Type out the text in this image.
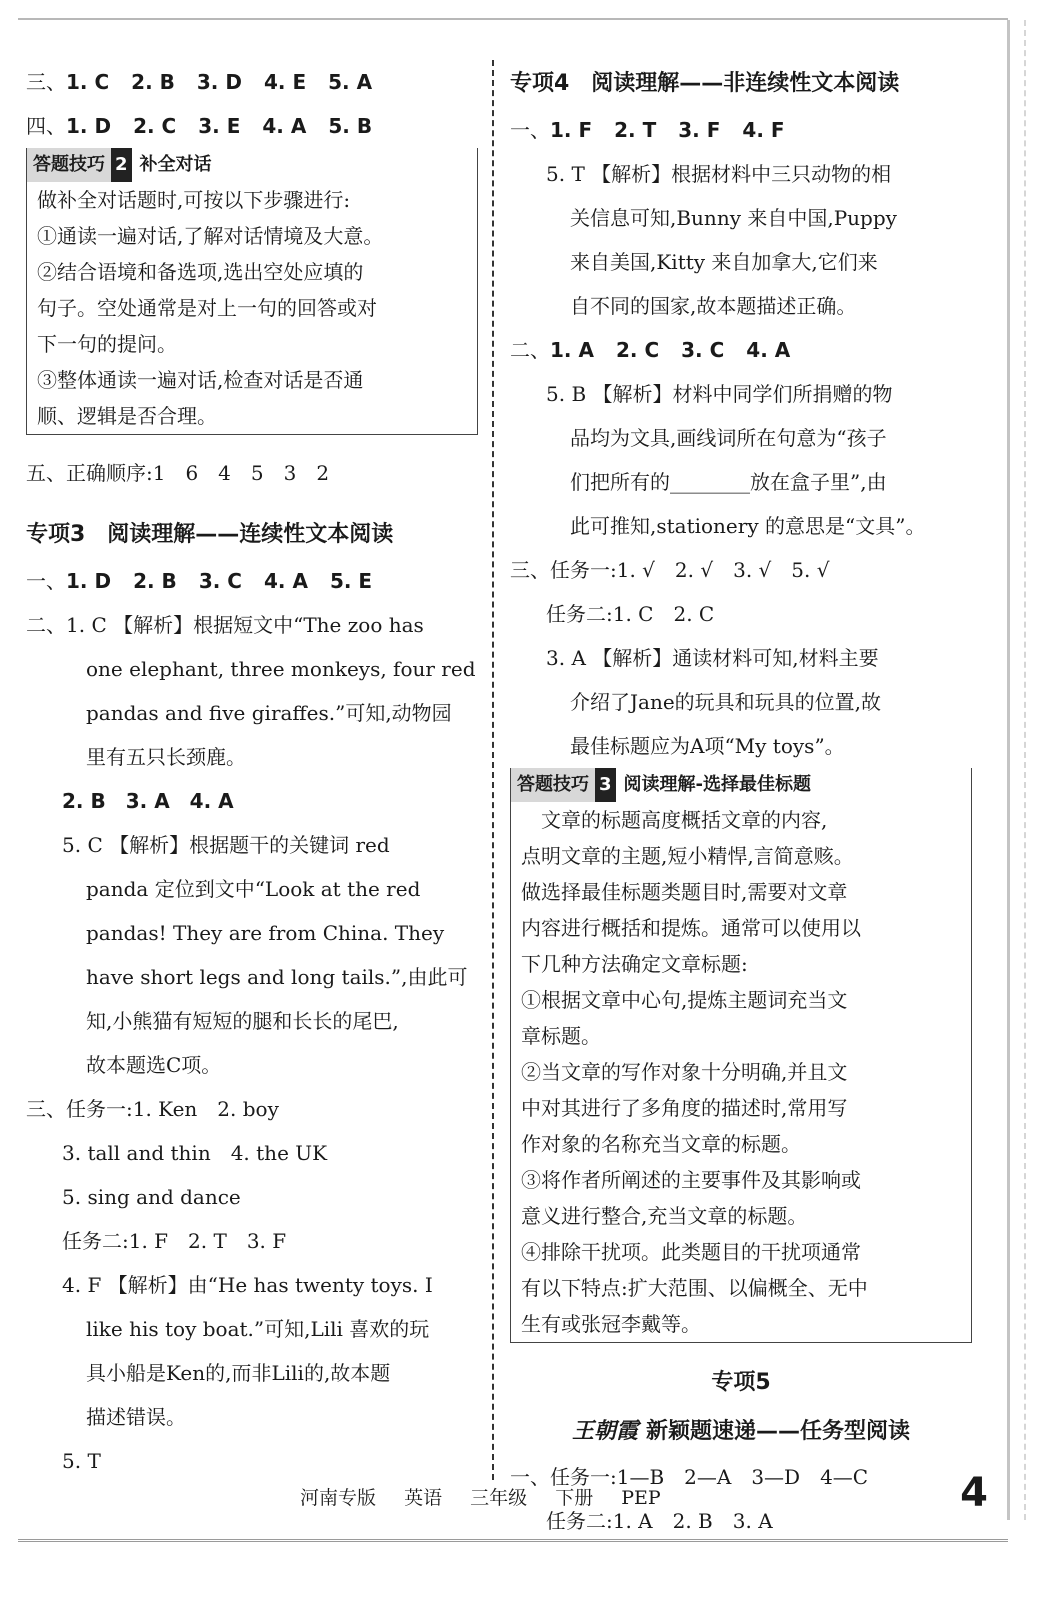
三、1. C 2. B 3. D 4. E 5. A
四、1. D 2. C 3. E 4. A 5. B
答题技巧 2 补全对话
做补全对话题时,可按以下步骤进行:
①通读一遍对话,了解对话情境及大意。
②结合语境和备选项,选出空处应填的
句子。空处通常是对上一句的回答或对
下一句的提问。
③整体通读一遍对话,检查对话是否通
顺、逻辑是否合理。
五、正确顺序:1　6　4　5　3　2
专项3　阅读理解——连续性文本阅读
一、1. D 2. B 3. C 4. A 5. E
二、1. C 【解析】根据短文中“The zoo has
one elephant, three monkeys, four red
pandas and five giraffes.”可知,动物园
里有五只长颈鹿。
2. B　3. A　4. A
5. C 【解析】根据题干的关键词 red
panda 定位到文中“Look at the red
pandas! They are from China. They
have short legs and long tails.”,由此可
知,小熊猫有短短的腿和长长的尾巴,
故本题选C项。
三、任务一:1. Ken　2. boy
3. tall and thin　4. the UK
5. sing and dance
任务二:1. F　2. T　3. F
4. F 【解析】由“He has twenty toys. I
like his toy boat.”可知,Lili 喜欢的玩
具小船是Ken的,而非Lili的,故本题
描述错误。
5. T
专项4　阅读理解——非连续性文本阅读
一、1. F 2. T 3. F 4. F
5. T 【解析】根据材料中三只动物的相
关信息可知,Bunny 来自中国,Puppy
来自美国,Kitty 来自加拿大,它们来
自不同的国家,故本题描述正确。
二、1. A 2. C 3. C 4. A
5. B 【解析】材料中同学们所捐赠的物
品均为文具,画线词所在句意为“孩子
们把所有的________放在盒子里”,由
此可推知,stationery 的意思是“文具”。
三、任务一:1. √　2. √　3. √　5. √
任务二:1. C　2. C
3. A 【解析】通读材料可知,材料主要
介绍了Jane的玩具和玩具的位置,故
最佳标题应为A项“My toys”。
答题技巧 3 阅读理解-选择最佳标题
　文章的标题高度概括文章的内容,
点明文章的主题,短小精悍,言简意赅。
做选择最佳标题类题目时,需要对文章
内容进行概括和提炼。通常可以使用以
下几种方法确定文章标题:
①根据文章中心句,提炼主题词充当文
章标题。
②当文章的写作对象十分明确,并且文
中对其进行了多角度的描述时,常用写
作对象的名称充当文章的标题。
③将作者所阐述的主要事件及其影响或
意义进行整合,充当文章的标题。
④排除干扰项。此类题目的干扰项通常
有以下特点:扩大范围、以偏概全、无中
生有或张冠李戴等。
专项5
王朝霞 新颖题速递——任务型阅读
一、任务一:1—B　2—A　3—D　4—C
任务二:1. A　2. B　3. A
河南专版 英语 三年级 下册 PEP	4
